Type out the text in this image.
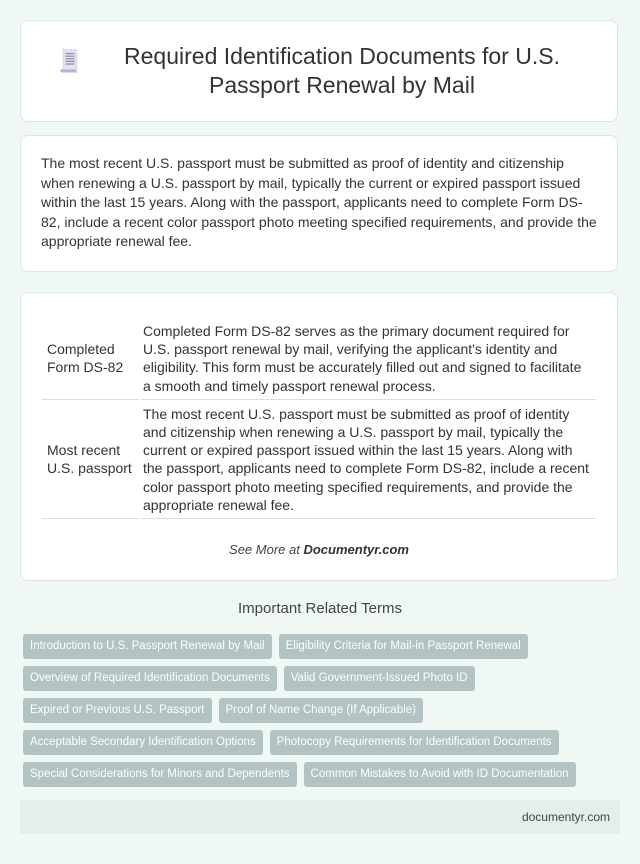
Required Identification Documents for U.S. Passport Renewal by Mail

The most recent U.S. passport must be submitted as proof of identity and citizenship when renewing a U.S. passport by mail, typically the current or expired passport issued within the last 15 years. Along with the passport, applicants need to complete Form DS-82, include a recent color passport photo meeting specified requirements, and provide the appropriate renewal fee.

Completed Form DS-82	Completed Form DS-82 serves as the primary document required for U.S. passport renewal by mail, verifying the applicant's identity and eligibility. This form must be accurately filled out and signed to facilitate a smooth and timely passport renewal process.
Most recent U.S. passport	The most recent U.S. passport must be submitted as proof of identity and citizenship when renewing a U.S. passport by mail, typically the current or expired passport issued within the last 15 years. Along with the passport, applicants need to complete Form DS-82, include a recent color passport photo meeting specified requirements, and provide the appropriate renewal fee.
See More at Documentyr.com
Important Related Terms
Introduction to U.S. Passport Renewal by Mail	Eligibility Criteria for Mail-in Passport Renewal
Overview of Required Identification Documents	Valid Government-Issued Photo ID
Expired or Previous U.S. Passport	Proof of Name Change (If Applicable)
Acceptable Secondary Identification Options	Photocopy Requirements for Identification Documents
Special Considerations for Minors and Dependents	Common Mistakes to Avoid with ID Documentation
documentyr.com
